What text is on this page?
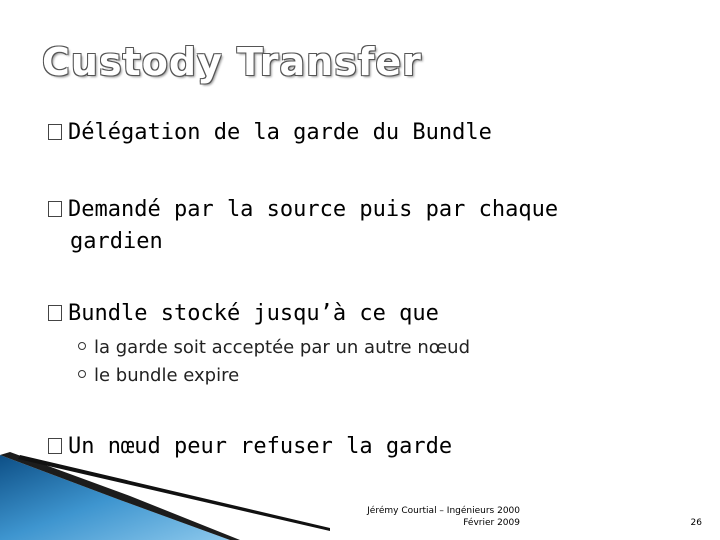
Custody Transfer
Délégation de la garde du Bundle
Demandé par la source puis par chaque
gardien
Bundle stocké jusqu’à ce que
la garde soit acceptée par un autre nœud
le bundle expire
Un nœud peur refuser la garde
Jérémy Courtial – Ingénieurs 2000
Février 2009	26
